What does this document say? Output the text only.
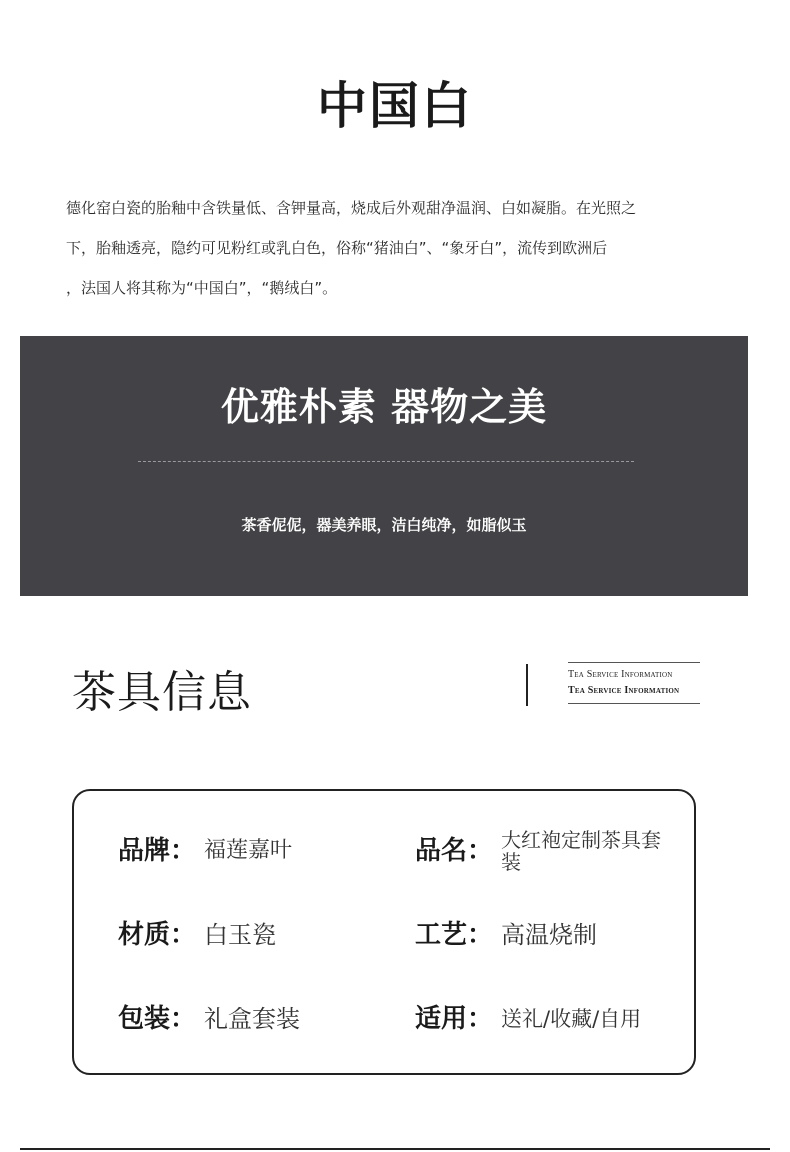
中国白
德化窑白瓷的胎釉中含铁量低、含钾量高，烧成后外观甜净温润、白如凝脂。在光照之
下，胎釉透亮，隐约可见粉红或乳白色，俗称“猪油白”、“象牙白”，流传到欧洲后
，法国人将其称为“中国白”，“鹅绒白”。
优雅朴素 器物之美
茶香伲伲，器美养眼，洁白纯净，如脂似玉
茶具信息	Tea Service Information
Tea Service Information
品牌： 福莲嘉叶	品名： 大红袍定制茶具套装
材质： 白玉瓷	工艺： 高温烧制
包装： 礼盒套装	适用： 送礼/收藏/自用
